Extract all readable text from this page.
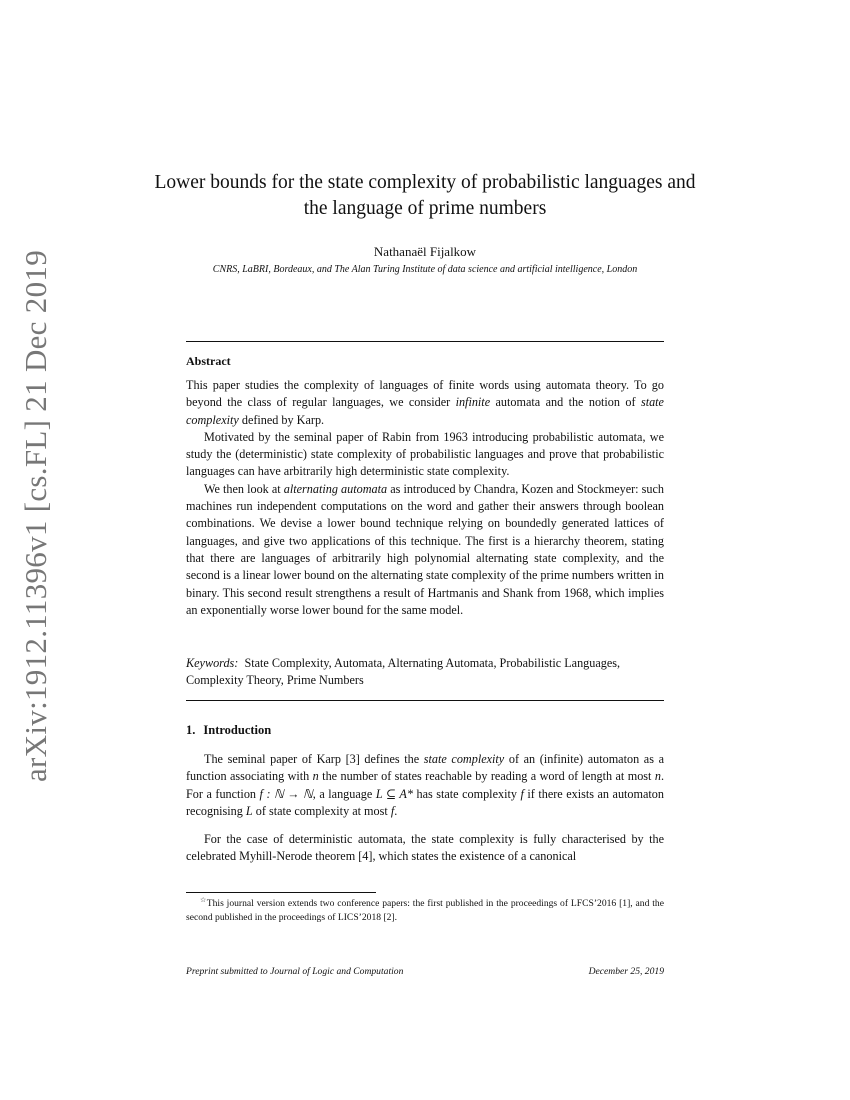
arXiv:1912.11396v1 [cs.FL] 21 Dec 2019
Lower bounds for the state complexity of probabilistic languages and the language of prime numbers
Nathanaël Fijalkow
CNRS, LaBRI, Bordeaux, and The Alan Turing Institute of data science and artificial intelligence, London
Abstract

This paper studies the complexity of languages of finite words using automata theory. To go beyond the class of regular languages, we consider infinite automata and the notion of state complexity defined by Karp.

Motivated by the seminal paper of Rabin from 1963 introducing probabilistic automata, we study the (deterministic) state complexity of probabilistic languages and prove that probabilistic languages can have arbitrarily high deterministic state complexity.

We then look at alternating automata as introduced by Chandra, Kozen and Stockmeyer: such machines run independent computations on the word and gather their answers through boolean combinations. We devise a lower bound technique relying on boundedly generated lattices of languages, and give two applications of this technique. The first is a hierarchy theorem, stating that there are languages of arbitrarily high polynomial alternating state complexity, and the second is a linear lower bound on the alternating state complexity of the prime numbers written in binary. This second result strengthens a result of Hartmanis and Shank from 1968, which implies an exponentially worse lower bound for the same model.

Keywords: State Complexity, Automata, Alternating Automata, Probabilistic Languages, Complexity Theory, Prime Numbers
1. Introduction

The seminal paper of Karp [3] defines the state complexity of an (infinite) automaton as a function associating with n the number of states reachable by reading a word of length at most n. For a function f : ℕ → ℕ, a language L ⊆ A* has state complexity f if there exists an automaton recognising L of state complexity at most f.

For the case of deterministic automata, the state complexity is fully characterised by the celebrated Myhill-Nerode theorem [4], which states the existence of a canonical

☆This journal version extends two conference papers: the first published in the proceedings of LFCS’2016 [1], and the second published in the proceedings of LICS’2018 [2].
Preprint submitted to Journal of Logic and Computation	December 25, 2019
